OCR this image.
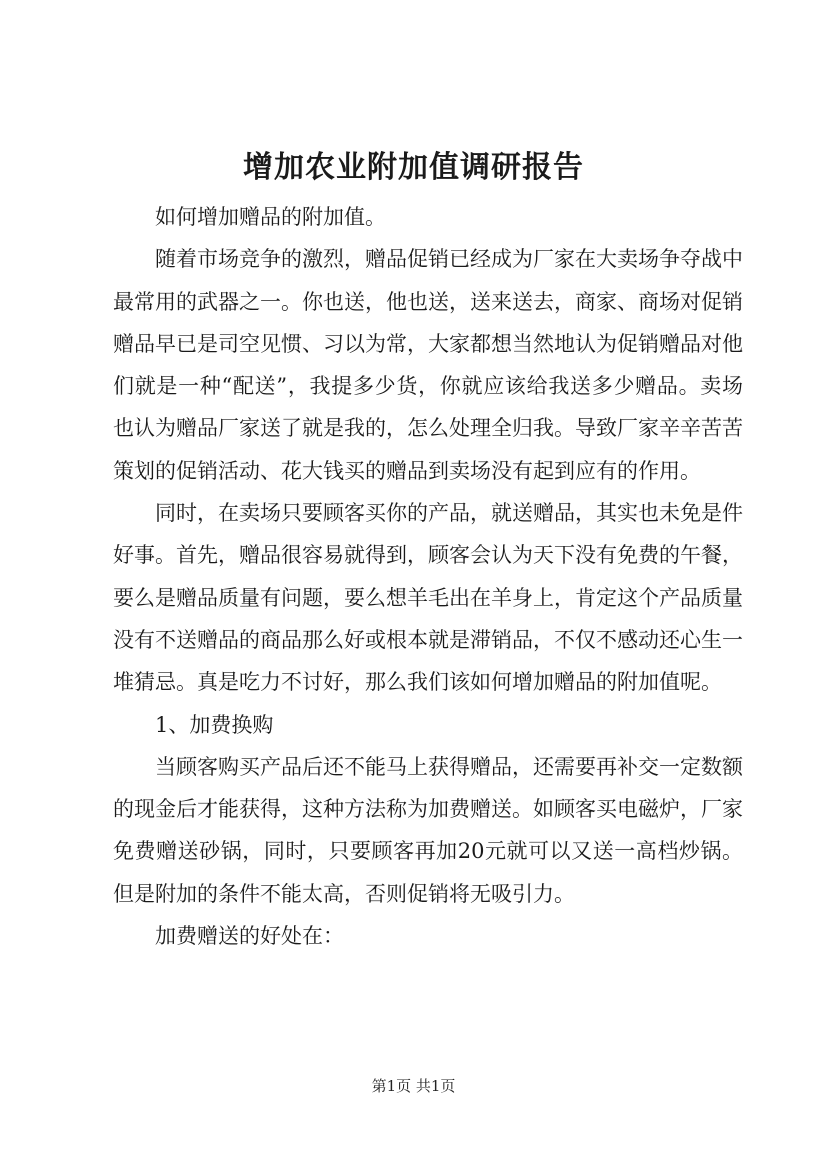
增加农业附加值调研报告

如何增加赠品的附加值。

随着市场竞争的激烈，赠品促销已经成为厂家在大卖场争夺战中最常用的武器之一。你也送，他也送，送来送去，商家、商场对促销赠品早已是司空见惯、习以为常，大家都想当然地认为促销赠品对他们就是一种“配送”，我提多少货，你就应该给我送多少赠品。卖场也认为赠品厂家送了就是我的，怎么处理全归我。导致厂家辛辛苦苦策划的促销活动、花大钱买的赠品到卖场没有起到应有的作用。

同时，在卖场只要顾客买你的产品，就送赠品，其实也未免是件好事。首先，赠品很容易就得到，顾客会认为天下没有免费的午餐，要么是赠品质量有问题，要么想羊毛出在羊身上，肯定这个产品质量没有不送赠品的商品那么好或根本就是滞销品，不仅不感动还心生一堆猜忌。真是吃力不讨好，那么我们该如何增加赠品的附加值呢。

1、加费换购

当顾客购买产品后还不能马上获得赠品，还需要再补交一定数额的现金后才能获得，这种方法称为加费赠送。如顾客买电磁炉，厂家免费赠送砂锅，同时，只要顾客再加20元就可以又送一高档炒锅。但是附加的条件不能太高，否则促销将无吸引力。

加费赠送的好处在：

第1页 共1页
